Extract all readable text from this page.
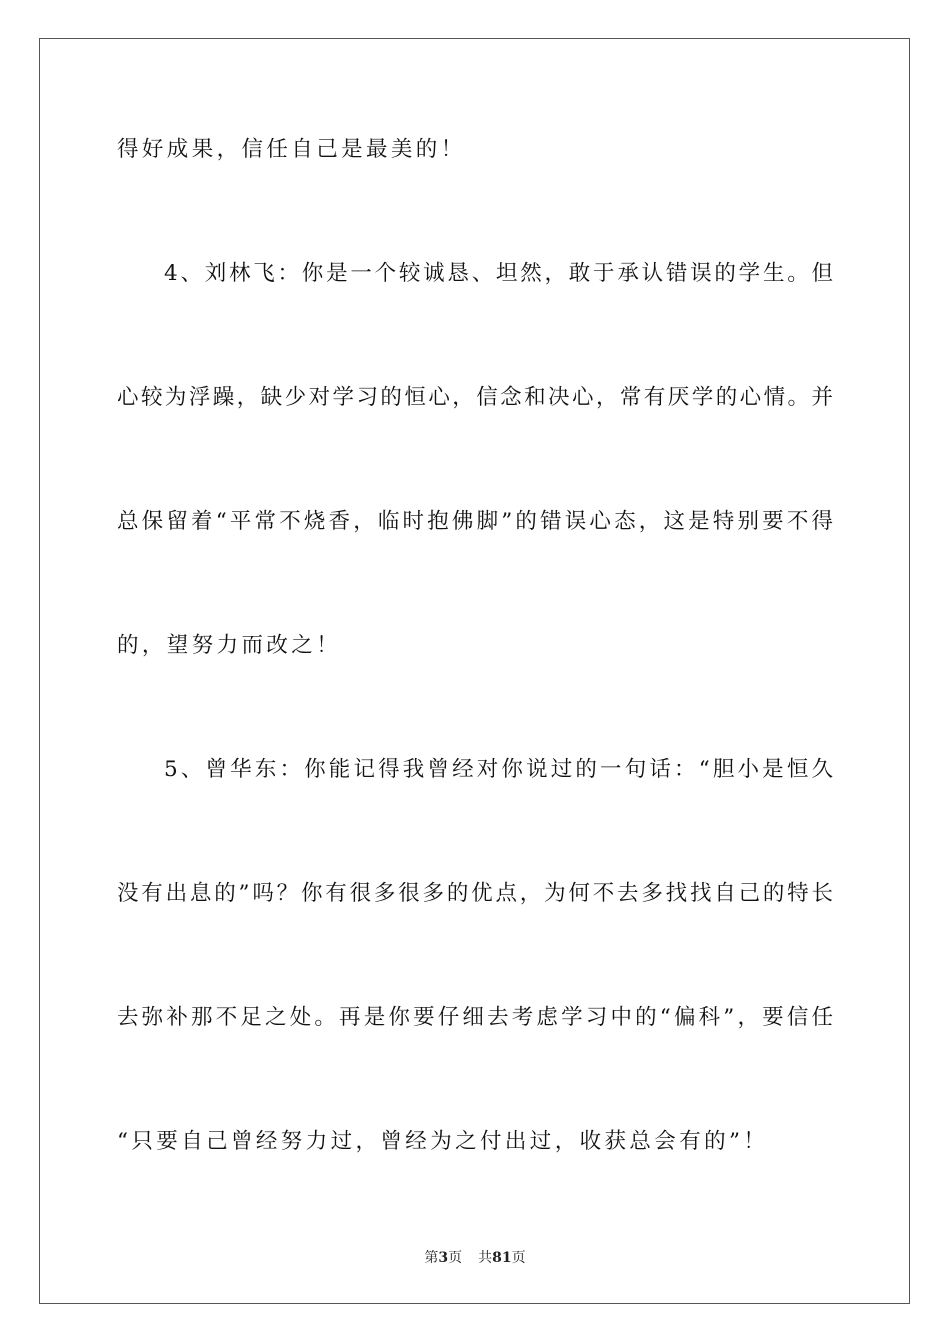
得好成果，信任自己是最美的！
4、刘林飞：你是一个较诚恳、坦然，敢于承认错误的学生。但
心较为浮躁，缺少对学习的恒心，信念和决心，常有厌学的心情。并
总保留着“平常不烧香，临时抱佛脚”的错误心态，这是特别要不得
的，望努力而改之！
5、曾华东：你能记得我曾经对你说过的一句话：“胆小是恒久
没有出息的”吗？你有很多很多的优点，为何不去多找找自己的特长
去弥补那不足之处。再是你要仔细去考虑学习中的“偏科”，要信任
“只要自己曾经努力过，曾经为之付出过，收获总会有的”！
第3页 共81页
